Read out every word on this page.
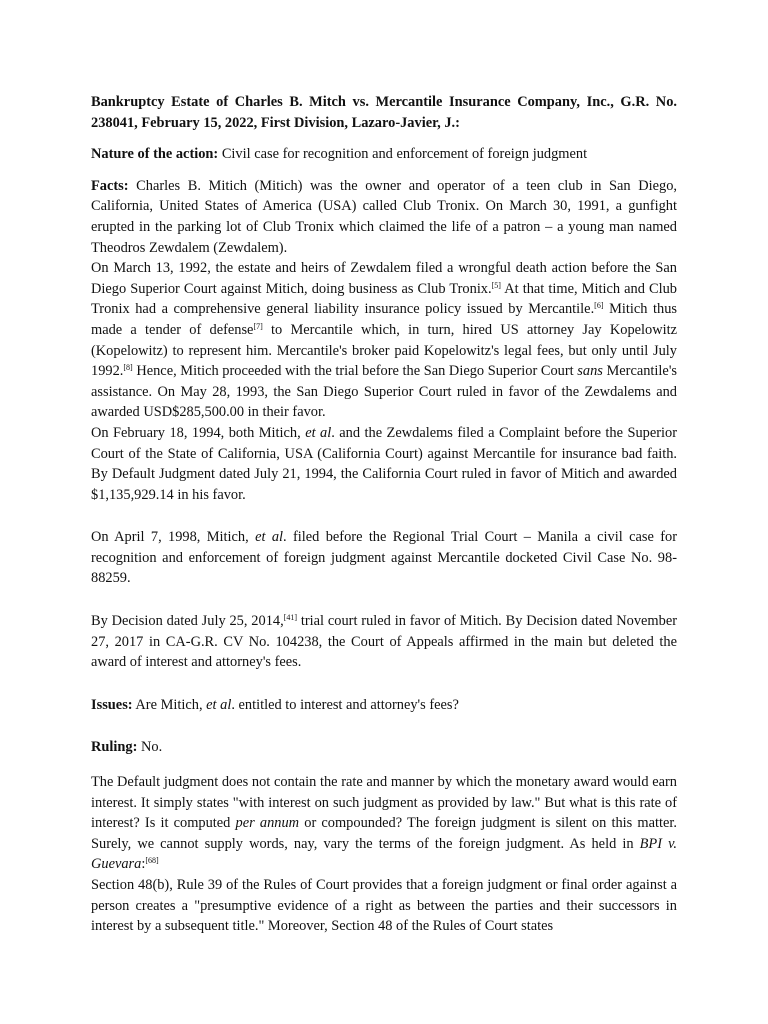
Bankruptcy Estate of Charles B. Mitch vs. Mercantile Insurance Company, Inc., G.R. No. 238041, February 15, 2022, First Division, Lazaro-Javier, J.:

Nature of the action: Civil case for recognition and enforcement of foreign judgment

Facts: Charles B. Mitich (Mitich) was the owner and operator of a teen club in San Diego, California, United States of America (USA) called Club Tronix. On March 30, 1991, a gunfight erupted in the parking lot of Club Tronix which claimed the life of a patron – a young man named Theodros Zewdalem (Zewdalem).

On March 13, 1992, the estate and heirs of Zewdalem filed a wrongful death action before the San Diego Superior Court against Mitich, doing business as Club Tronix.[5] At that time, Mitich and Club Tronix had a comprehensive general liability insurance policy issued by Mercantile.[6] Mitich thus made a tender of defense[7] to Mercantile which, in turn, hired US attorney Jay Kopelowitz (Kopelowitz) to represent him. Mercantile's broker paid Kopelowitz's legal fees, but only until July 1992.[8] Hence, Mitich proceeded with the trial before the San Diego Superior Court sans Mercantile's assistance. On May 28, 1993, the San Diego Superior Court ruled in favor of the Zewdalems and awarded USD$285,500.00 in their favor.

On February 18, 1994, both Mitich, et al. and the Zewdalems filed a Complaint before the Superior Court of the State of California, USA (California Court) against Mercantile for insurance bad faith. By Default Judgment dated July 21, 1994, the California Court ruled in favor of Mitich and awarded $1,135,929.14 in his favor.

On April 7, 1998, Mitich, et al. filed before the Regional Trial Court – Manila a civil case for recognition and enforcement of foreign judgment against Mercantile docketed Civil Case No. 98-88259.

By Decision dated July 25, 2014,[41] trial court ruled in favor of Mitich. By Decision dated November 27, 2017 in CA-G.R. CV No. 104238, the Court of Appeals affirmed in the main but deleted the award of interest and attorney's fees.

Issues: Are Mitich, et al. entitled to interest and attorney's fees?

Ruling: No.

The Default judgment does not contain the rate and manner by which the monetary award would earn interest. It simply states "with interest on such judgment as provided by law." But what is this rate of interest? Is it computed per annum or compounded? The foreign judgment is silent on this matter. Surely, we cannot supply words, nay, vary the terms of the foreign judgment. As held in BPI v. Guevara:[68]

Section 48(b), Rule 39 of the Rules of Court provides that a foreign judgment or final order against a person creates a "presumptive evidence of a right as between the parties and their successors in interest by a subsequent title." Moreover, Section 48 of the Rules of Court states
